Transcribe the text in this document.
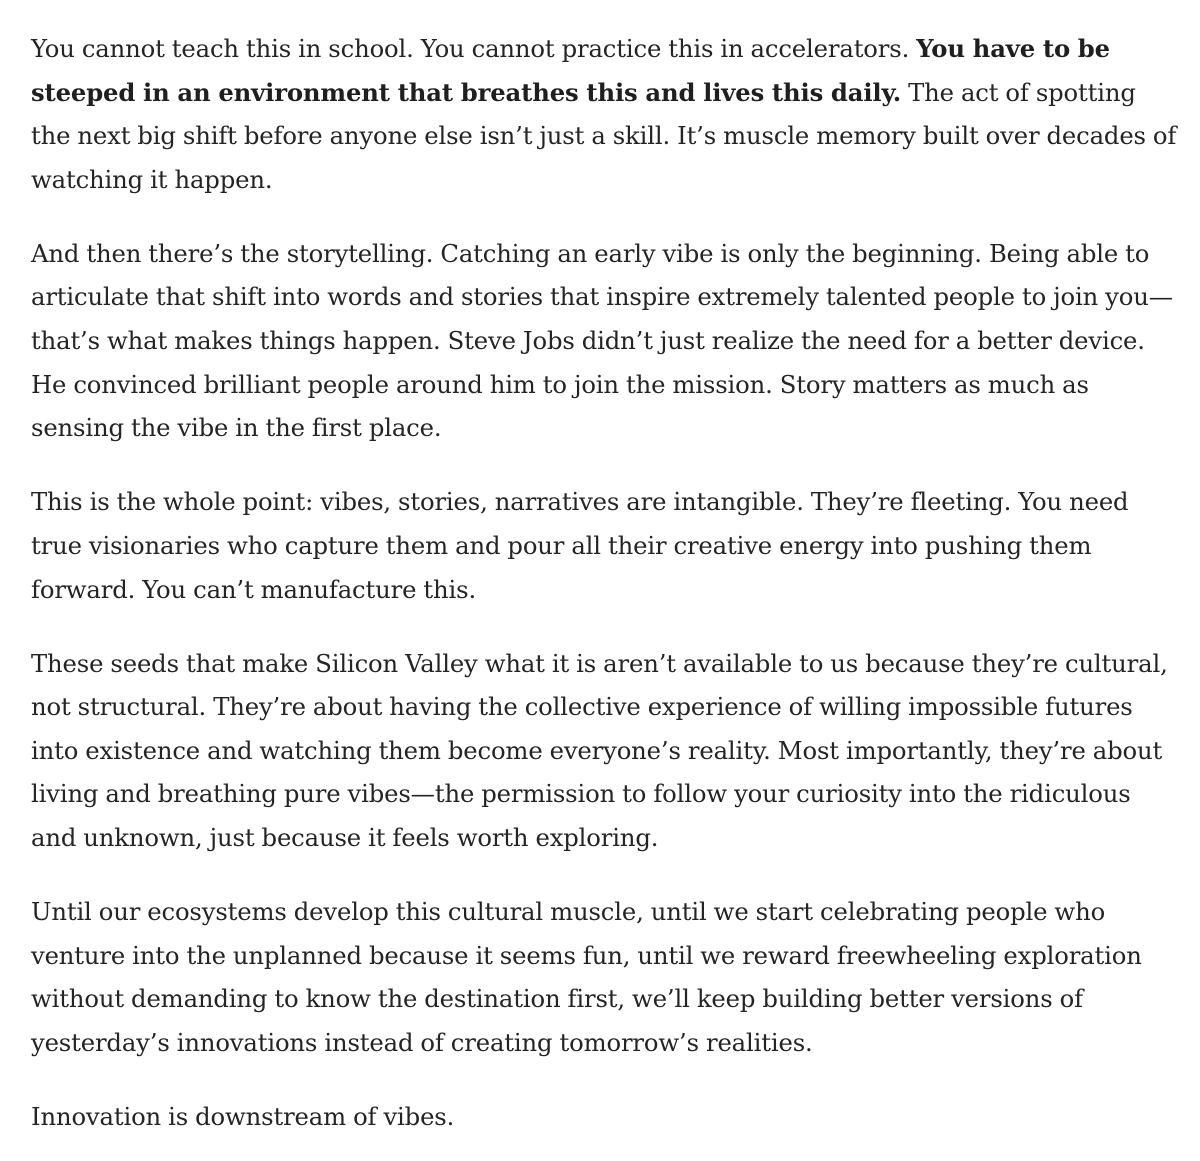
You cannot teach this in school. You cannot practice this in accelerators. You have to be steeped in an environment that breathes this and lives this daily. The act of spotting the next big shift before anyone else isn’t just a skill. It’s muscle memory built over decades of watching it happen.

And then there’s the storytelling. Catching an early vibe is only the beginning. Being able to articulate that shift into words and stories that inspire extremely talented people to join you—that’s what makes things happen. Steve Jobs didn’t just realize the need for a better device. He convinced brilliant people around him to join the mission. Story matters as much as sensing the vibe in the first place.

This is the whole point: vibes, stories, narratives are intangible. They’re fleeting. You need true visionaries who capture them and pour all their creative energy into pushing them forward. You can’t manufacture this.

These seeds that make Silicon Valley what it is aren’t available to us because they’re cultural, not structural. They’re about having the collective experience of willing impossible futures into existence and watching them become everyone’s reality. Most importantly, they’re about living and breathing pure vibes—the permission to follow your curiosity into the ridiculous and unknown, just because it feels worth exploring.

Until our ecosystems develop this cultural muscle, until we start celebrating people who venture into the unplanned because it seems fun, until we reward freewheeling exploration without demanding to know the destination first, we’ll keep building better versions of yesterday’s innovations instead of creating tomorrow’s realities.

Innovation is downstream of vibes.
